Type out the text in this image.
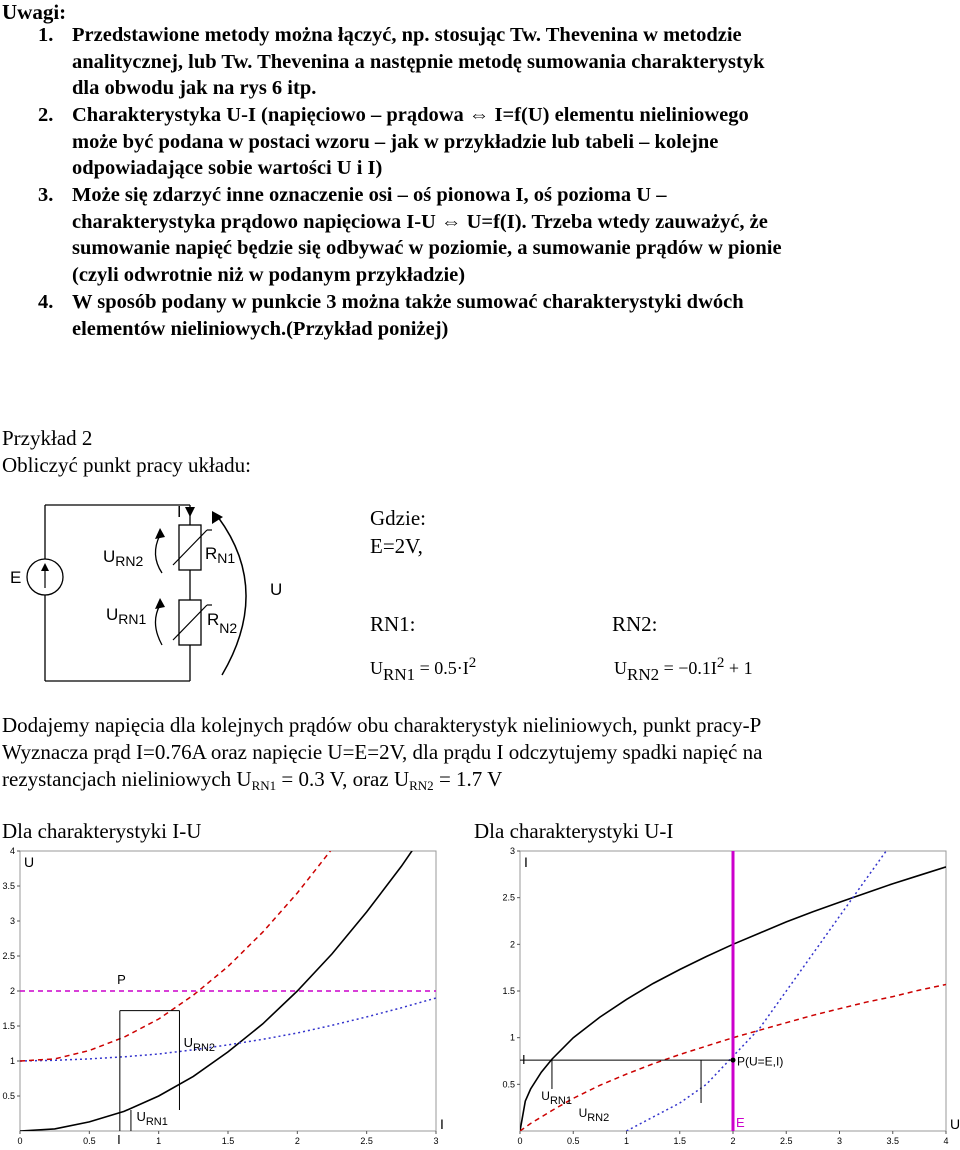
Uwagi:
1. Przedstawione metody można łączyć, np. stosując Tw. Thevenina w metodzie
analitycznej, lub Tw. Thevenina a następnie metodę sumowania charakterystyk
dla obwodu jak na rys 6 itp.
2. Charakterystyka U-I (napięciowo – prądowa ⇔ I=f(U) elementu nieliniowego
może być podana w postaci wzoru – jak w przykładzie lub tabeli – kolejne
odpowiadające sobie wartości U i I)
3. Może się zdarzyć inne oznaczenie osi – oś pionowa I, oś pozioma U –
charakterystyka prądowo napięciowa I-U ⇔ U=f(I). Trzeba wtedy zauważyć, że
sumowanie napięć będzie się odbywać w poziomie, a sumowanie prądów w pionie
(czyli odwrotnie niż w podanym przykładzie)
4. W sposób podany w punkcie 3 można także sumować charakterystyki dwóch
elementów nieliniowych.(Przykład poniżej)
Przykład 2
Obliczyć punkt pracy układu:
E
I
U
$U_{RN2}$
$U_{RN1}$
$R_{N1}$
$R_{N2}$
Gdzie:
E=2V,
RN1:	RN2:
$URN1 = 0.5\cdot I^2$	$URN2 = -0.1I^2 + 1$
Dodajemy napięcia dla kolejnych prądów obu charakterystyk nieliniowych, punkt pracy-P
Wyznacza prąd I=0.76A oraz napięcie U=E=2V, dla prądu I odczytujemy spadki napięć na
rezystancjach nieliniowych $U_{RN1} = 0.3$ V, oraz $U_{RN2} = 1.7$ V
Dla charakterystyki I-U	Dla charakterystyki U-I
0	0.5	1	1.5	2	2.5	3
0.5
1
1.5
2
2.5
3
3.5
4
U
I
P
$U_{RN2}$
$U_{RN1}$
I	0	0.5	1	1.5	2	2.5	3	3.5	4
0.5
1
1.5
2
2.5
3
I
U
P(U=E,I)
E
I
URN1
URN2
